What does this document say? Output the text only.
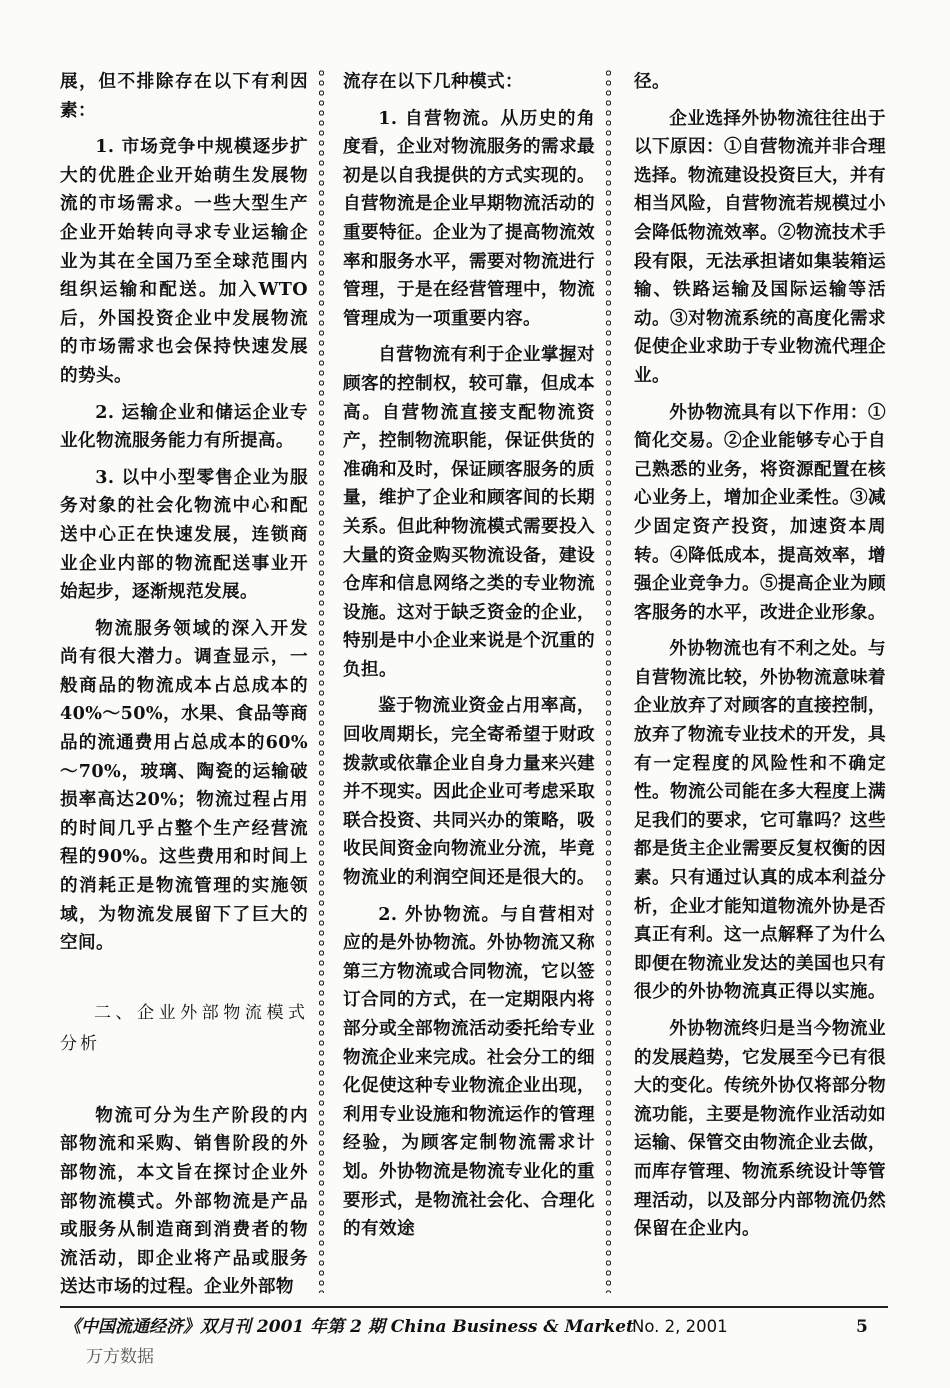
展，但不排除存在以下有利因素：

1. 市场竞争中规模逐步扩大的优胜企业开始萌生发展物流的市场需求。一些大型生产企业开始转向寻求专业运输企业为其在全国乃至全球范围内组织运输和配送。加入WTO后，外国投资企业中发展物流的市场需求也会保持快速发展的势头。

2. 运输企业和储运企业专业化物流服务能力有所提高。

3. 以中小型零售企业为服务对象的社会化物流中心和配送中心正在快速发展，连锁商业企业内部的物流配送事业开始起步，逐渐规范发展。

物流服务领域的深入开发尚有很大潜力。调查显示，一般商品的物流成本占总成本的40%～50%，水果、食品等商品的流通费用占总成本的60%～70%，玻璃、陶瓷的运输破损率高达20%；物流过程占用的时间几乎占整个生产经营流程的90%。这些费用和时间上的消耗正是物流管理的实施领域，为物流发展留下了巨大的空间。

二、企业外部物流模式分析

物流可分为生产阶段的内部物流和采购、销售阶段的外部物流，本文旨在探讨企业外部物流模式。外部物流是产品或服务从制造商到消费者的物流活动，即企业将产品或服务送达市场的过程。企业外部物

流存在以下几种模式：

1. 自营物流。从历史的角度看，企业对物流服务的需求最初是以自我提供的方式实现的。自营物流是企业早期物流活动的重要特征。企业为了提高物流效率和服务水平，需要对物流进行管理，于是在经营管理中，物流管理成为一项重要内容。

自营物流有利于企业掌握对顾客的控制权，较可靠，但成本高。自营物流直接支配物流资产，控制物流职能，保证供货的准确和及时，保证顾客服务的质量，维护了企业和顾客间的长期关系。但此种物流模式需要投入大量的资金购买物流设备，建设仓库和信息网络之类的专业物流设施。这对于缺乏资金的企业，特别是中小企业来说是个沉重的负担。

鉴于物流业资金占用率高，回收周期长，完全寄希望于财政拨款或依靠企业自身力量来兴建并不现实。因此企业可考虑采取联合投资、共同兴办的策略，吸收民间资金向物流业分流，毕竟物流业的利润空间还是很大的。

2. 外协物流。与自营相对应的是外协物流。外协物流又称第三方物流或合同物流，它以签订合同的方式，在一定期限内将部分或全部物流活动委托给专业物流企业来完成。社会分工的细化促使这种专业物流企业出现，利用专业设施和物流运作的管理经验，为顾客定制物流需求计划。外协物流是物流专业化的重要形式，是物流社会化、合理化的有效途

径。

企业选择外协物流往往出于以下原因：①自营物流并非合理选择。物流建设投资巨大，并有相当风险，自营物流若规模过小会降低物流效率。②物流技术手段有限，无法承担诸如集装箱运输、铁路运输及国际运输等活动。③对物流系统的高度化需求促使企业求助于专业物流代理企业。

外协物流具有以下作用：①简化交易。②企业能够专心于自己熟悉的业务，将资源配置在核心业务上，增加企业柔性。③减少固定资产投资，加速资本周转。④降低成本，提高效率，增强企业竞争力。⑤提高企业为顾客服务的水平，改进企业形象。

外协物流也有不利之处。与自营物流比较，外协物流意味着企业放弃了对顾客的直接控制，放弃了物流专业技术的开发，具有一定程度的风险性和不确定性。物流公司能在多大程度上满足我们的要求，它可靠吗？这些都是货主企业需要反复权衡的因素。只有通过认真的成本利益分析，企业才能知道物流外协是否真正有利。这一点解释了为什么即便在物流业发达的美国也只有很少的外协物流真正得以实施。

外协物流终归是当今物流业的发展趋势，它发展至今已有很大的变化。传统外协仅将部分物流功能，主要是物流作业活动如运输、保管交由物流企业去做，而库存管理、物流系统设计等管理活动，以及部分内部物流仍然保留在企业内。

《中国流通经济》双月刊 2001 年第 2 期 China Business & Market
No. 2, 2001	5
万方数据
